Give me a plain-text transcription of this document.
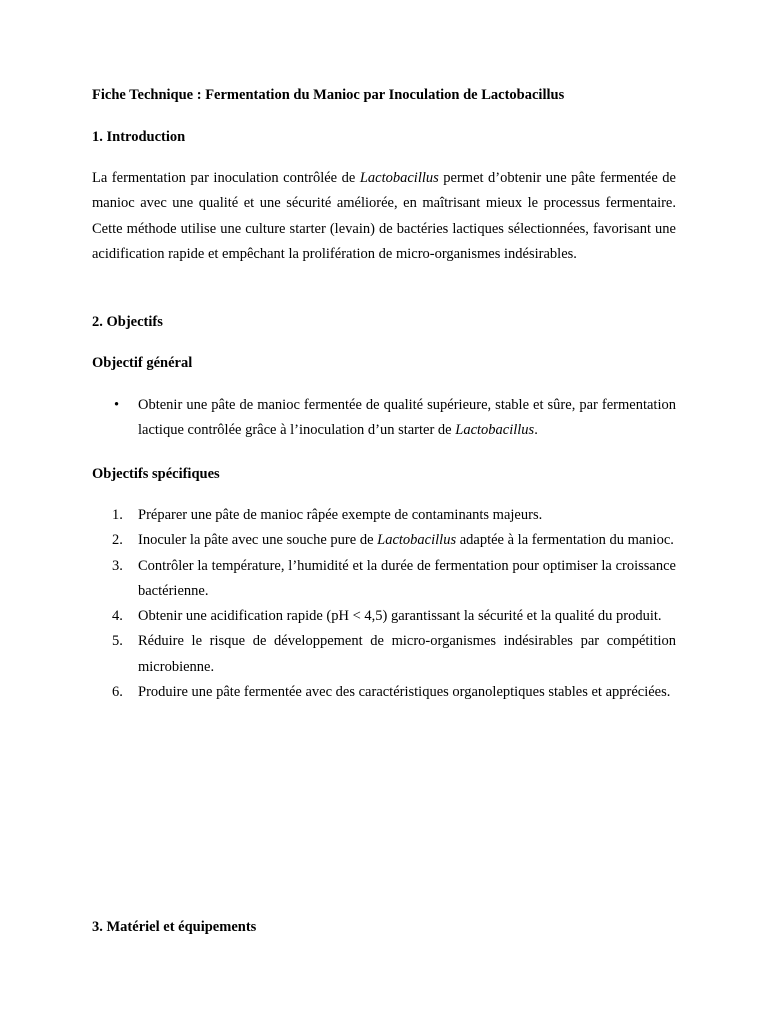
Fiche Technique : Fermentation du Manioc par Inoculation de Lactobacillus
1. Introduction

La fermentation par inoculation contrôlée de Lactobacillus permet d’obtenir une pâte fermentée de manioc avec une qualité et une sécurité améliorée, en maîtrisant mieux le processus fermentaire. Cette méthode utilise une culture starter (levain) de bactéries lactiques sélectionnées, favorisant une acidification rapide et empêchant la prolifération de micro-organismes indésirables.

2. Objectifs
Objectif général
• Obtenir une pâte de manioc fermentée de qualité supérieure, stable et sûre, par fermentation lactique contrôlée grâce à l’inoculation d’un starter de Lactobacillus.
Objectifs spécifiques
1. Préparer une pâte de manioc râpée exempte de contaminants majeurs.
2. Inoculer la pâte avec une souche pure de Lactobacillus adaptée à la fermentation du manioc.
3. Contrôler la température, l’humidité et la durée de fermentation pour optimiser la croissance bactérienne.
4. Obtenir une acidification rapide (pH < 4,5) garantissant la sécurité et la qualité du produit.
5. Réduire le risque de développement de micro-organismes indésirables par compétition microbienne.
6. Produire une pâte fermentée avec des caractéristiques organoleptiques stables et appréciées.
3. Matériel et équipements
